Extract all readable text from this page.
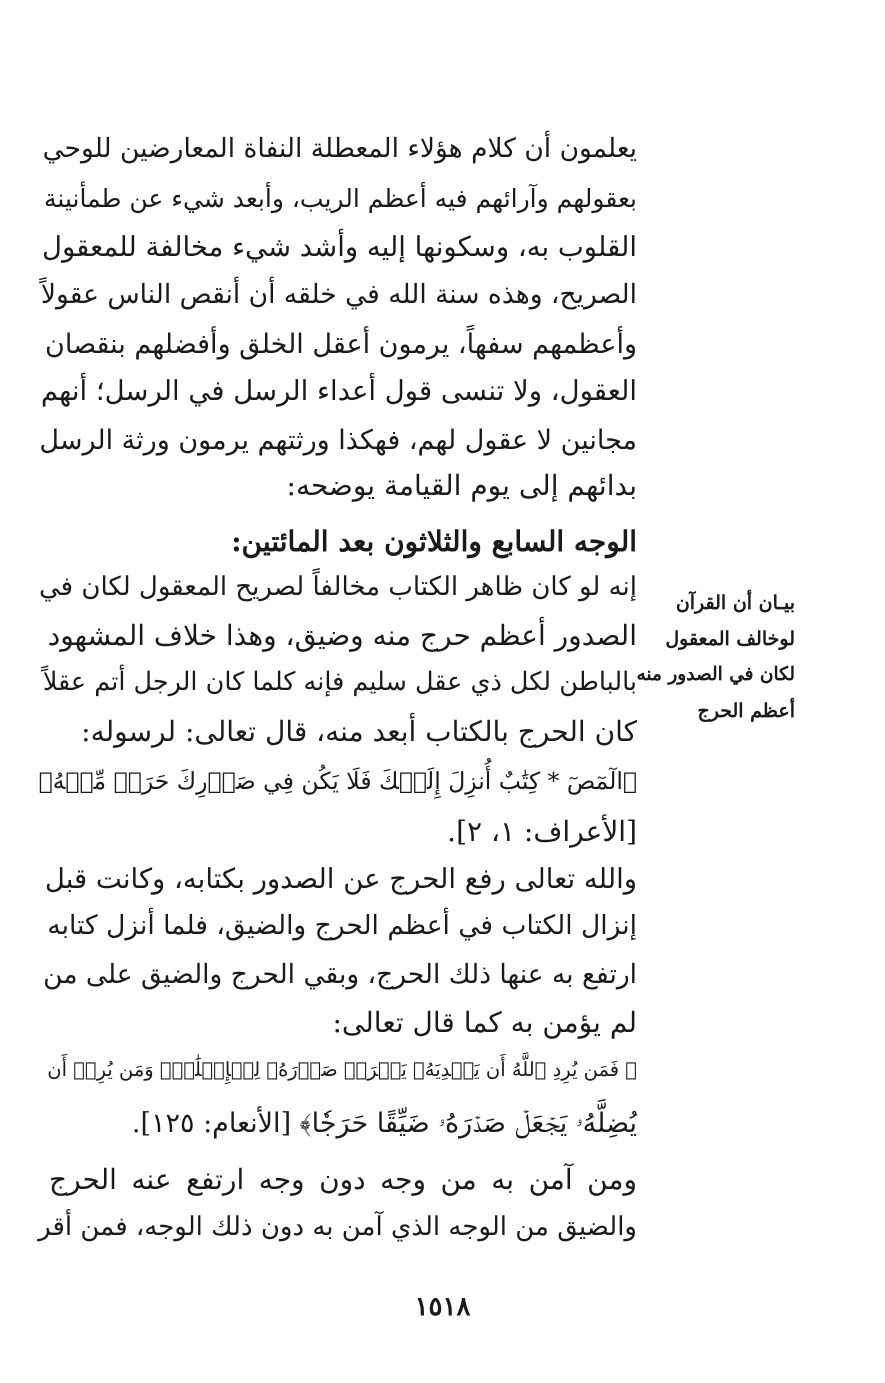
يعلمون أن كلام هؤلاء المعطلة النفاة المعارضين للوحي
بعقولهم وآرائهم فيه أعظم الريب، وأبعد شيء عن طمأنينة
القلوب به، وسكونها إليه وأشد شيء مخالفة للمعقول
الصريح، وهذه سنة الله في خلقه أن أنقص الناس عقولاً
وأعظمهم سفهاً، يرمون أعقل الخلق وأفضلهم بنقصان
العقول، ولا تنسى قول أعداء الرسل في الرسل؛ أنهم
مجانين لا عقول لهم، فهكذا ورثتهم يرمون ورثة الرسل
بدائهم إلى يوم القيامة يوضحه:
الوجه السابع والثلاثون بعد المائتين:
بيـان أن القرآن
لوخالف المعقول
لكان في الصدور منه
أعظم الحرج
إنه لو كان ظاهر الكتاب مخالفاً لصريح المعقول لكان في
الصدور أعظم حرج منه وضيق، وهذا خلاف المشهود
بالباطن لكل ذي عقل سليم فإنه كلما كان الرجل أتم عقلاً
كان الحرج بالكتاب أبعد منه، قال تعالى: لرسوله:
﴿الٓمٓصٓ * كِتَٰبٌ أُنزِلَ إِلَيۡكَ فَلَا يَكُن فِي صَدۡرِكَ حَرَجٞ مِّنۡهُ﴾
[الأعراف: ١، ٢].
والله تعالى رفع الحرج عن الصدور بكتابه، وكانت قبل
إنزال الكتاب في أعظم الحرج والضيق، فلما أنزل كتابه
ارتفع به عنها ذلك الحرج، وبقي الحرج والضيق على من
لم يؤمن به كما قال تعالى:
﴿ فَمَن يُرِدِ ٱللَّهُ أَن يَهۡدِيَهُۥ يَشۡرَحۡ صَدۡرَهُۥ لِلۡإِسۡلَٰمِۖ وَمَن يُرِدۡ أَن
يُضِلَّهُۥ يَجۡعَلۡ صَدۡرَهُۥ ضَيِّقًا حَرَجٗا﴾ [الأنعام: ١٢٥].
ومن آمن به من وجه دون وجه ارتفع عنه الحرج
والضيق من الوجه الذي آمن به دون ذلك الوجه، فمن أقر
١٥١٨
